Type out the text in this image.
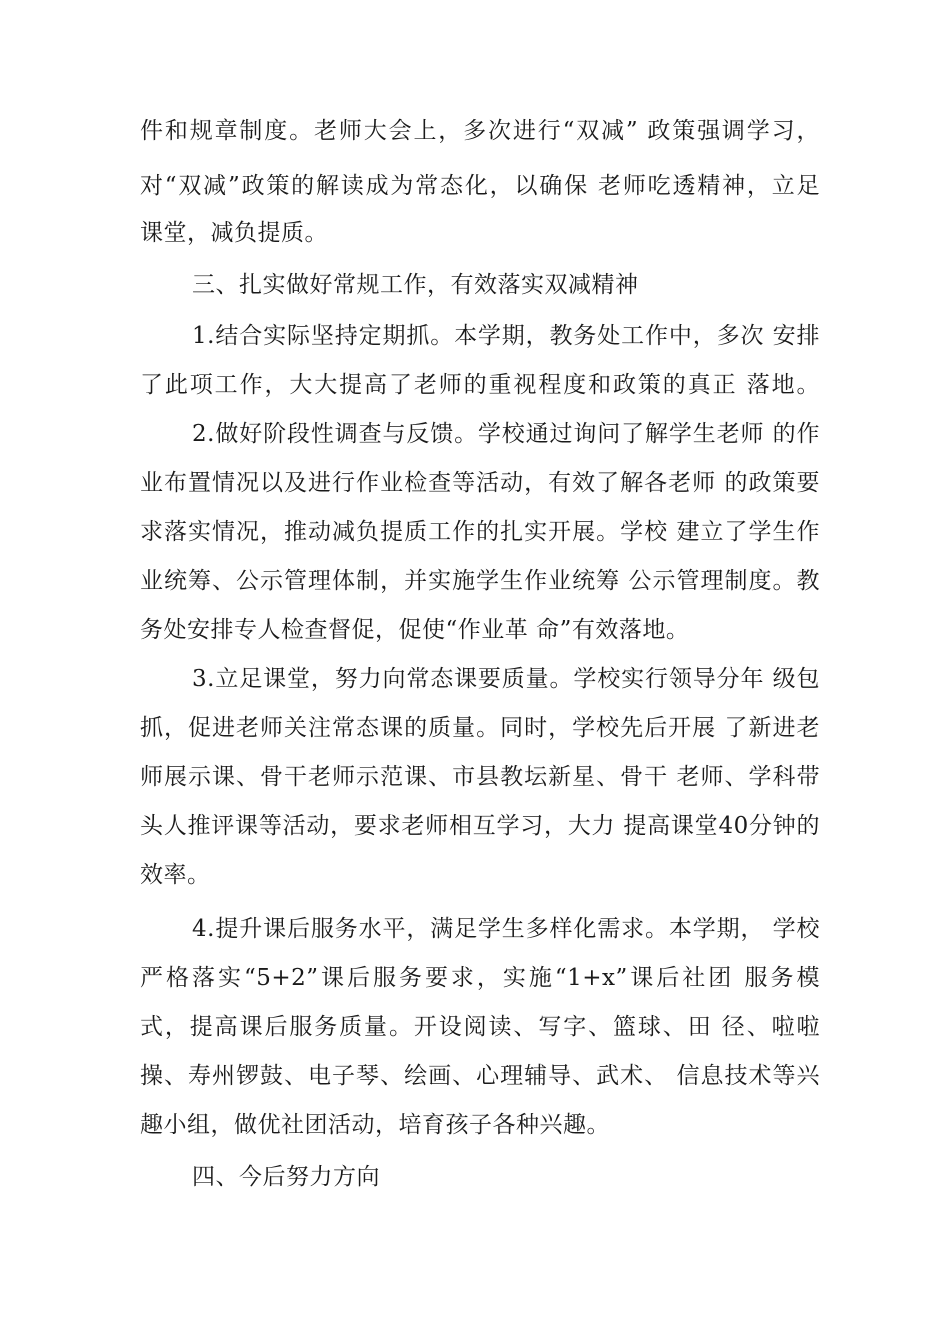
件和规章制度。老师大会上，多次进行“双减” 政策强调学习，
对“双减”政策的解读成为常态化，以确保 老师吃透精神，立足
课堂，减负提质。
三、扎实做好常规工作，有效落实双减精神
1.结合实际坚持定期抓。本学期，教务处工作中，多次 安排
了此项工作，大大提高了老师的重视程度和政策的真正 落地。
2.做好阶段性调查与反馈。学校通过询问了解学生老师 的作
业布置情况以及进行作业检查等活动，有效了解各老师 的政策要
求落实情况，推动减负提质工作的扎实开展。学校 建立了学生作
业统筹、公示管理体制，并实施学生作业统筹 公示管理制度。教
务处安排专人检查督促，促使“作业革 命”有效落地。
3.立足课堂，努力向常态课要质量。学校实行领导分年 级包
抓，促进老师关注常态课的质量。同时，学校先后开展 了新进老
师展示课、骨干老师示范课、市县教坛新星、骨干 老师、学科带
头人推评课等活动，要求老师相互学习，大力 提高课堂40分钟的
效率。
4.提升课后服务水平，满足学生多样化需求。本学期， 学校
严格落实“5+2”课后服务要求，实施“1+x”课后社团 服务模
式，提高课后服务质量。开设阅读、写字、篮球、田 径、啦啦
操、寿州锣鼓、电子琴、绘画、心理辅导、武术、 信息技术等兴
趣小组，做优社团活动，培育孩子各种兴趣。
四、今后努力方向
